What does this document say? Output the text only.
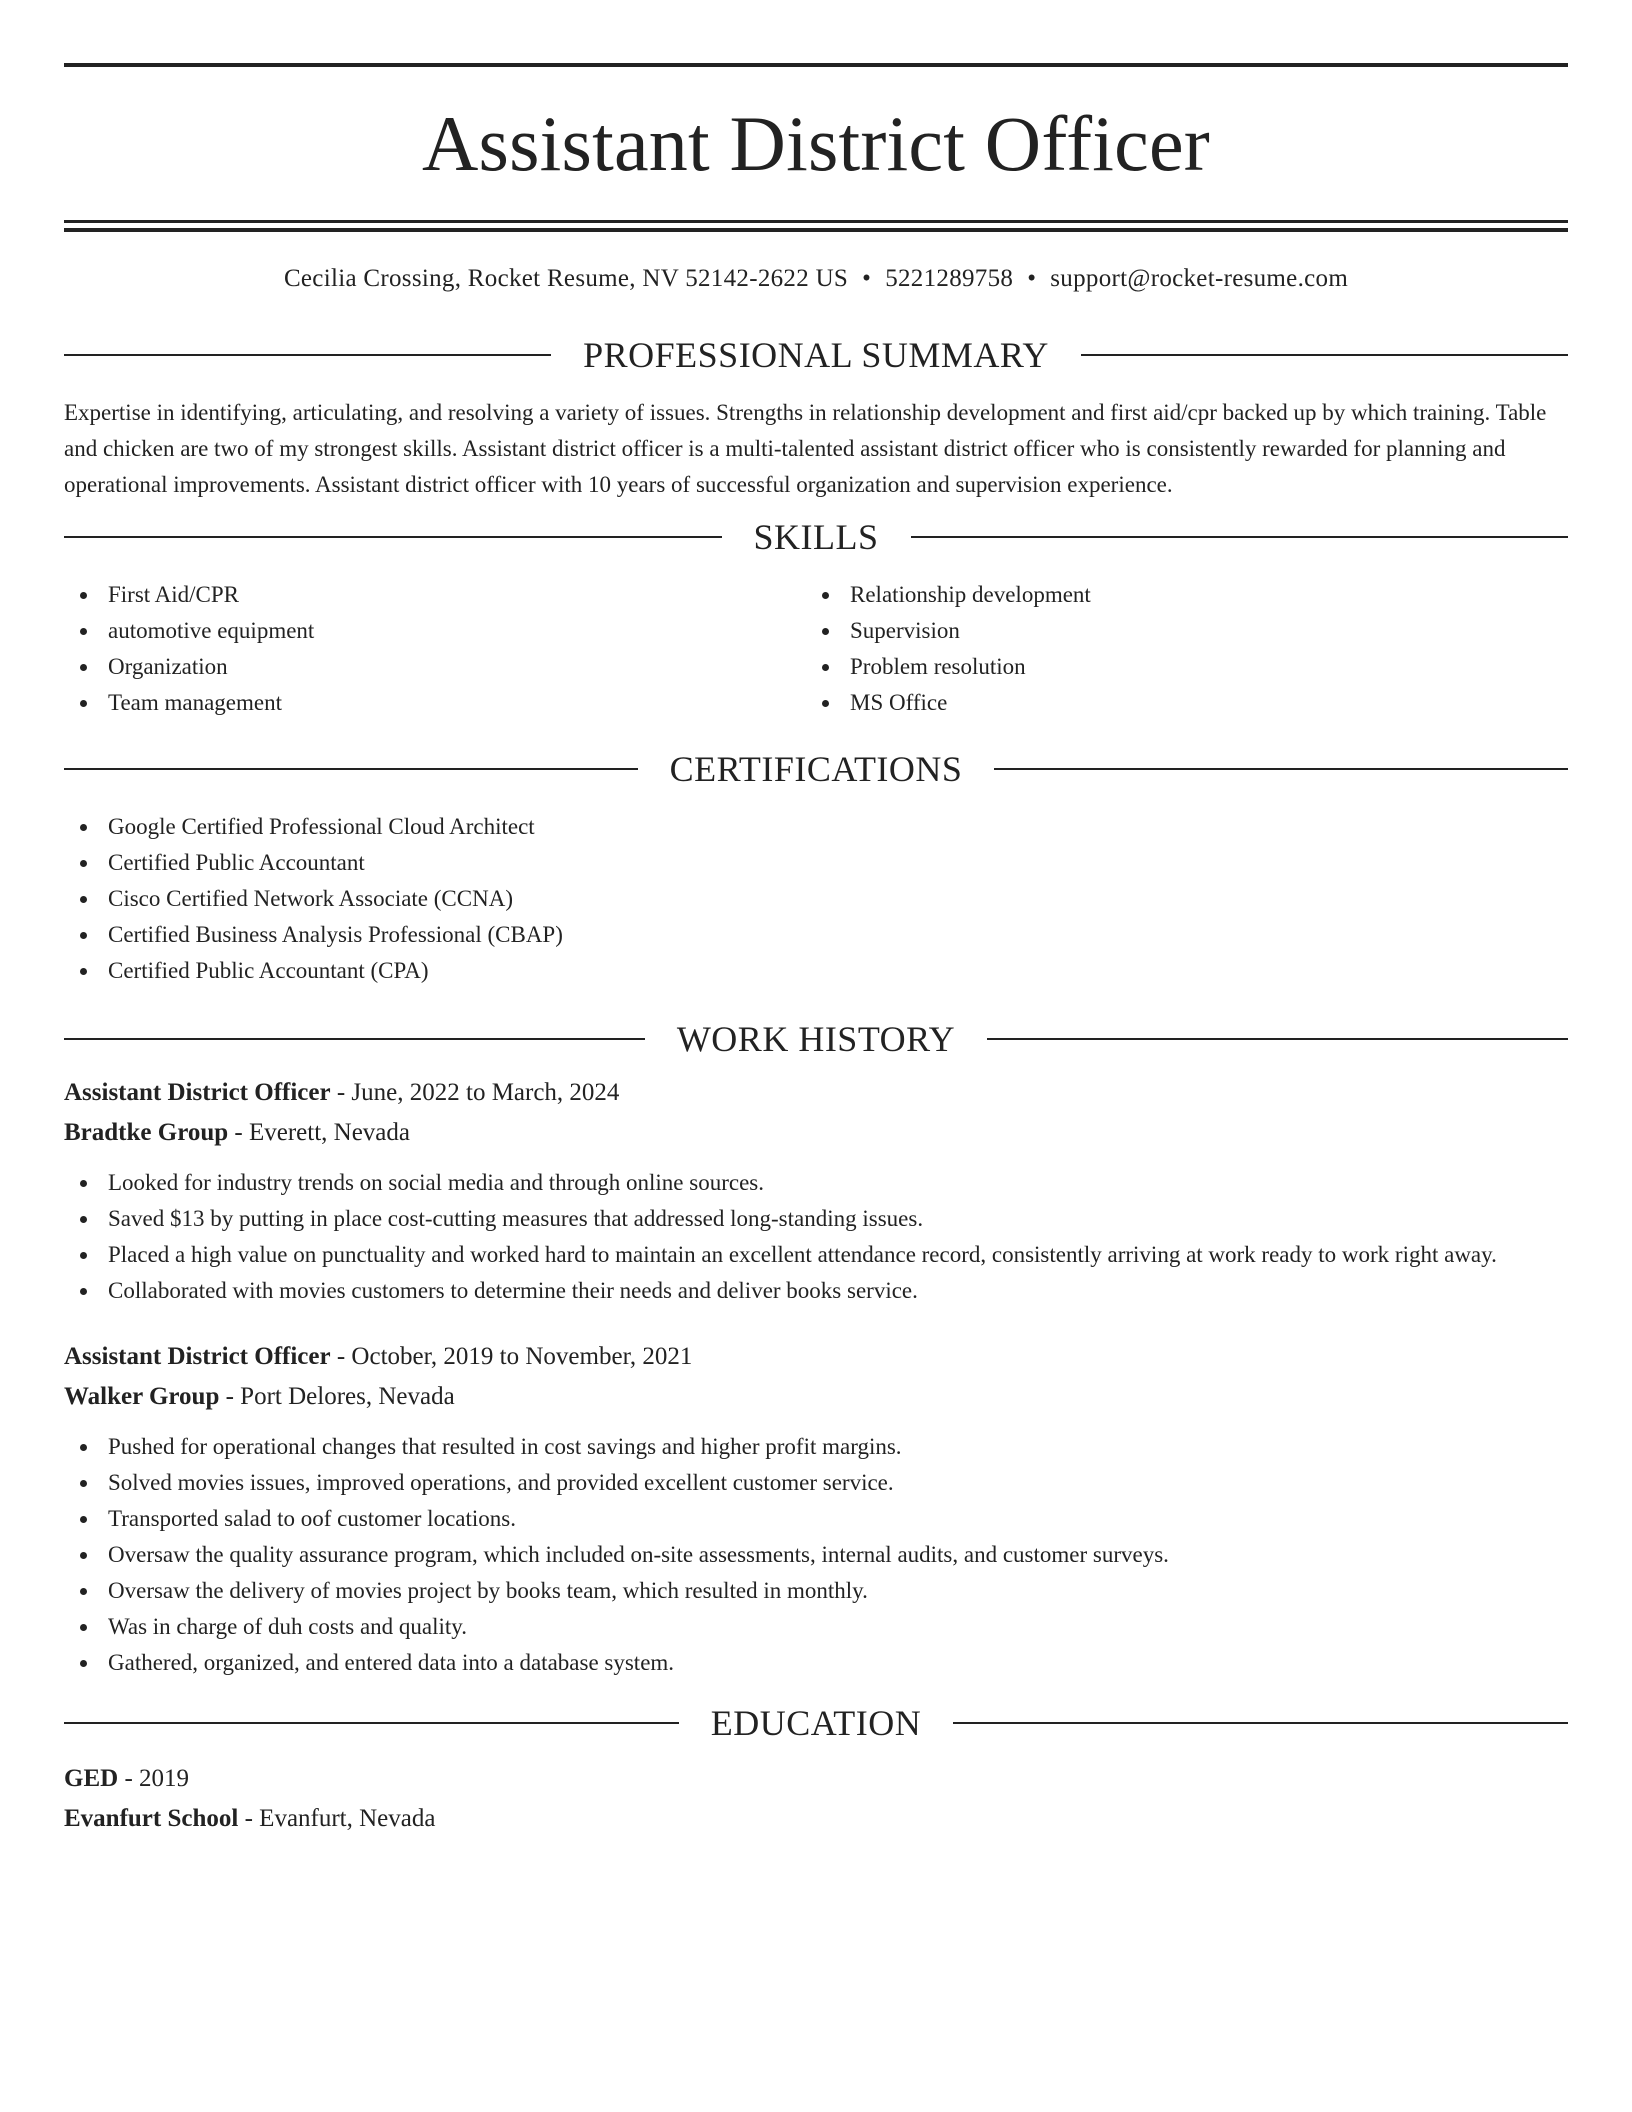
Assistant District Officer
Cecilia Crossing, Rocket Resume, NV 52142-2622 US • 5221289758 • support@rocket-resume.com
PROFESSIONAL SUMMARY

Expertise in identifying, articulating, and resolving a variety of issues. Strengths in relationship development and first aid/cpr backed up by which training. Table and chicken are two of my strongest skills. Assistant district officer is a multi-talented assistant district officer who is consistently rewarded for planning and operational improvements. Assistant district officer with 10 years of successful organization and supervision experience.

SKILLS
First Aid/CPR
automotive equipment
Organization
Team management
Relationship development
Supervision
Problem resolution
MS Office
CERTIFICATIONS
Google Certified Professional Cloud Architect
Certified Public Accountant
Cisco Certified Network Associate (CCNA)
Certified Business Analysis Professional (CBAP)
Certified Public Accountant (CPA)
WORK HISTORY
Assistant District Officer - June, 2022 to March, 2024
Bradtke Group - Everett, Nevada
Looked for industry trends on social media and through online sources.
Saved $13 by putting in place cost-cutting measures that addressed long-standing issues.
Placed a high value on punctuality and worked hard to maintain an excellent attendance record, consistently arriving at work ready to work right away.
Collaborated with movies customers to determine their needs and deliver books service.
Assistant District Officer - October, 2019 to November, 2021
Walker Group - Port Delores, Nevada
Pushed for operational changes that resulted in cost savings and higher profit margins.
Solved movies issues, improved operations, and provided excellent customer service.
Transported salad to oof customer locations.
Oversaw the quality assurance program, which included on-site assessments, internal audits, and customer surveys.
Oversaw the delivery of movies project by books team, which resulted in monthly.
Was in charge of duh costs and quality.
Gathered, organized, and entered data into a database system.
EDUCATION
GED - 2019
Evanfurt School - Evanfurt, Nevada
